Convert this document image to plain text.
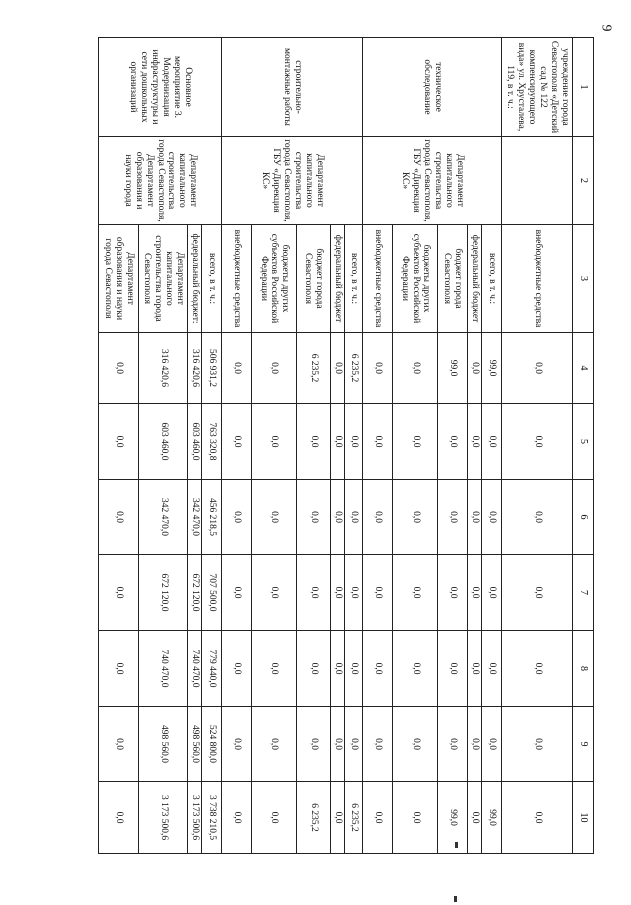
9
1	2	3	4	5	6	7	8	9	10
учреждение города Севастополя «Детский сад № 122 компенсирующего вида» ул. Хрусталева, 119, в т. ч.:		внебюджетные средства	0,0	0,0	0,0	0,0	0,0	0,0	0,0
техническое обследование	Департамент капитального строительства города Севастополя, ГБУ «Дирекция КС»	всего, в т. ч.:	99,0	0,0	0,0	0,0	0,0	0,0	99,0
		федеральный бюджет	0,0	0,0	0,0	0,0	0,0	0,0	0,0
		бюджет города Севастополя	99,0	0,0	0,0	0,0	0,0	0,0	99,0
		бюджеты других субъектов Российской Федерации	0,0	0,0	0,0	0,0	0,0	0,0	0,0
		внебюджетные средства	0,0	0,0	0,0	0,0	0,0	0,0	0,0
строительно-монтажные работы	Департамент капитального строительства города Севастополя, ГБУ «Дирекция КС»	всего, в т. ч.:	6 235,2	0,0	0,0	0,0	0,0	0,0	6 235,2
		федеральный бюджет	0,0	0,0	0,0	0,0	0,0	0,0	0,0
		бюджет города Севастополя	6 235,2	0,0	0,0	0,0	0,0	0,0	6 235,2
		бюджеты других субъектов Российской Федерации	0,0	0,0	0,0	0,0	0,0	0,0	0,0
		внебюджетные средства	0,0	0,0	0,0	0,0	0,0	0,0	0,0
Основное мероприятие 3. Модернизация инфраструктуры и сети дошкольных организаций	Департамент капитального строительства города Севастополя, Департамент образования и науки города	всего, в т. ч.:	506 931,2	763 320,8	456 218,5	707 500,0	779 440,0	524 800,0	3 738 210,5
		федеральный бюджет:	316 420,6	603 460,0	342 470,0	672 120,0	740 470,0	498 560,0	3 173 500,6
		Департамент капитального строительства города Севастополя	316 420,6	603 460,0	342 470,0	672 120,0	740 470,0	498 560,0	3 173 500,6
		Департамент образования и науки города Севастополя	0,0	0,0	0,0	0,0	0,0	0,0	0,0
